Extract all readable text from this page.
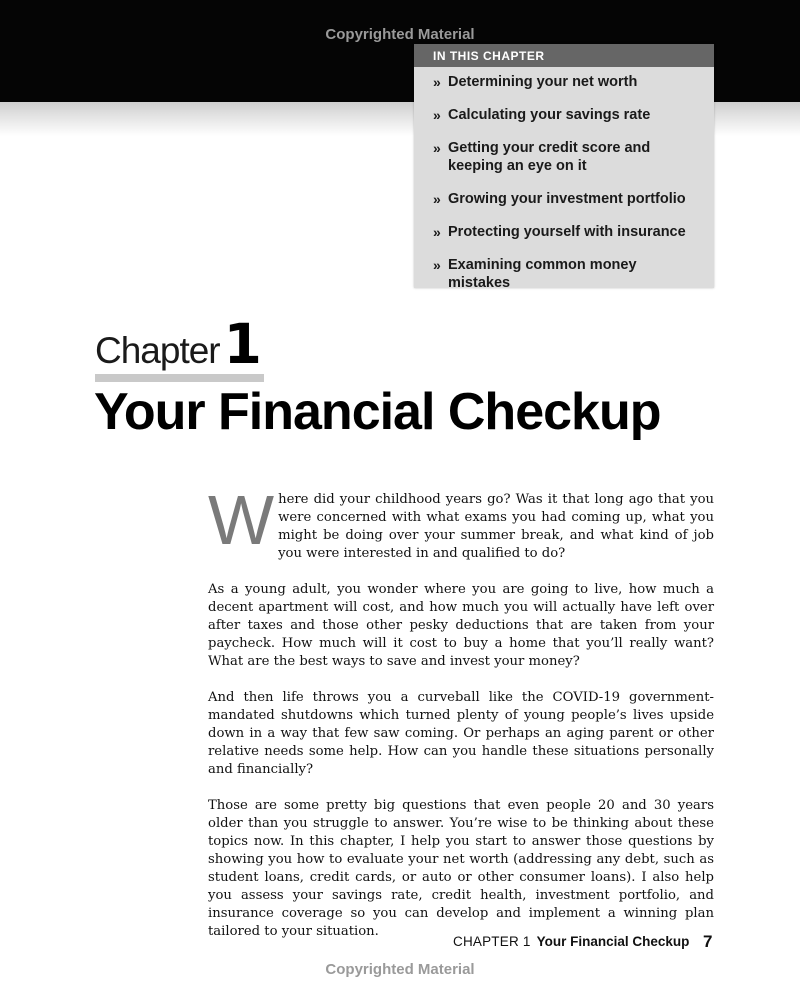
Copyrighted Material
IN THIS CHAPTER
» Determining your net worth
» Calculating your savings rate
» Getting your credit score and keeping an eye on it
» Growing your investment portfolio
» Protecting yourself with insurance
» Examining common money mistakes
Chapter1
Your Financial Checkup

Where did your childhood years go? Was it that long ago that you were concerned with what exams you had coming up, what you might be doing over your summer break, and what kind of job you were interested in and qualified to do?

As a young adult, you wonder where you are going to live, how much a decent apartment will cost, and how much you will actually have left over after taxes and those other pesky deductions that are taken from your paycheck. How much will it cost to buy a home that you’ll really want? What are the best ways to save and invest your money?

And then life throws you a curveball like the COVID-19 government-mandated shutdowns which turned plenty of young people’s lives upside down in a way that few saw coming. Or perhaps an aging parent or other relative needs some help. How can you handle these situations personally and financially?

Those are some pretty big questions that even people 20 and 30 years older than you struggle to answer. You’re wise to be thinking about these topics now. In this chapter, I help you start to answer those questions by showing you how to evaluate your net worth (addressing any debt, such as student loans, credit cards, or auto or other consumer loans). I also help you assess your savings rate, credit health, investment portfolio, and insurance coverage so you can develop and implement a winning plan tailored to your situation.

CHAPTER 1 Your Financial Checkup 7
Copyrighted Material
